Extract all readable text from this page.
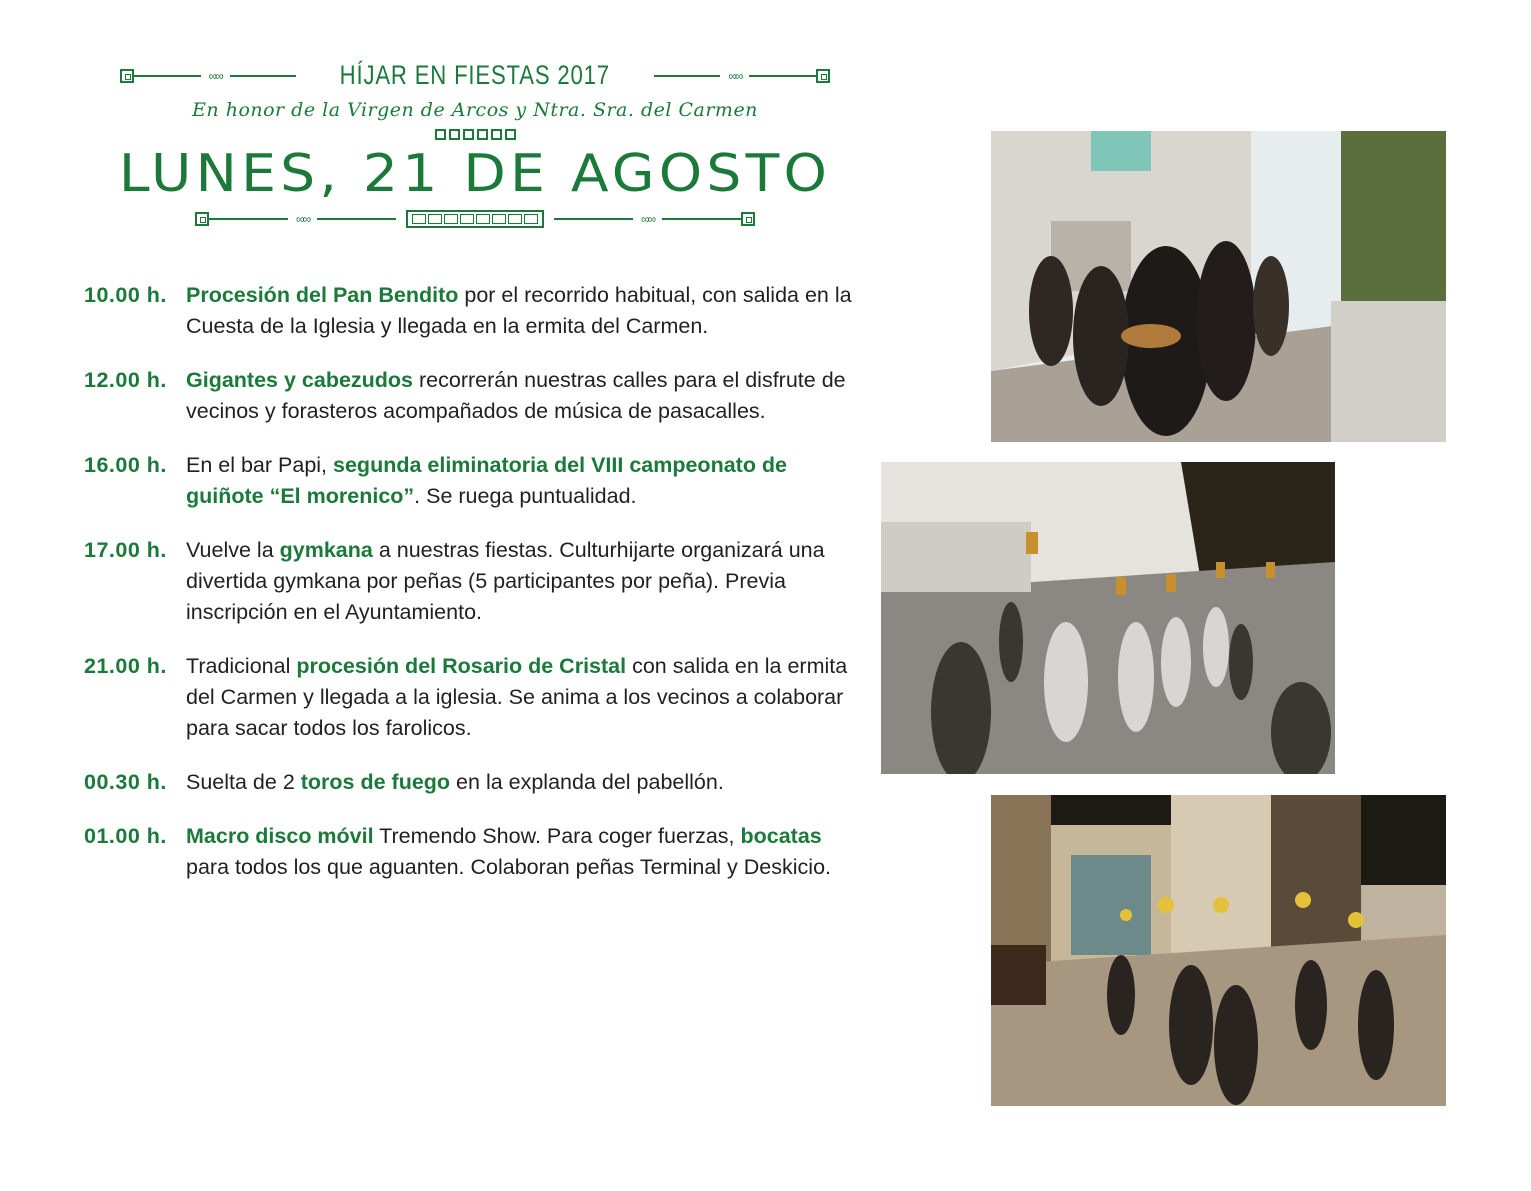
∞∞	HÍJAR EN FIESTAS 2017	∞∞
En honor de la Virgen de Arcos y Ntra. Sra. del Carmen
LUNES, 21 DE AGOSTO
∞∞	∞∞
10.00 h. Procesión del Pan Bendito por el recorrido habitual, con salida en la Cuesta de la Iglesia y llegada en la ermita del Carmen.
12.00 h. Gigantes y cabezudos recorrerán nuestras calles para el disfrute de vecinos y forasteros acompañados de música de pasacalles.
16.00 h. En el bar Papi, segunda eliminatoria del VIII campeonato de guiñote “El morenico”. Se ruega puntualidad.
17.00 h. Vuelve la gymkana a nuestras fiestas. Culturhijarte organizará una divertida gymkana por peñas (5 participantes por peña). Previa inscripción en el Ayuntamiento.
21.00 h. Tradicional procesión del Rosario de Cristal con salida en la ermita del Carmen y llegada a la iglesia. Se anima a los vecinos a colaborar para sacar todos los farolicos.
00.30 h. Suelta de 2 toros de fuego en la explanda del pabellón.
01.00 h. Macro disco móvil Tremendo Show. Para coger fuerzas, bocatas para todos los que aguanten. Colaboran peñas Terminal y Deskicio.
